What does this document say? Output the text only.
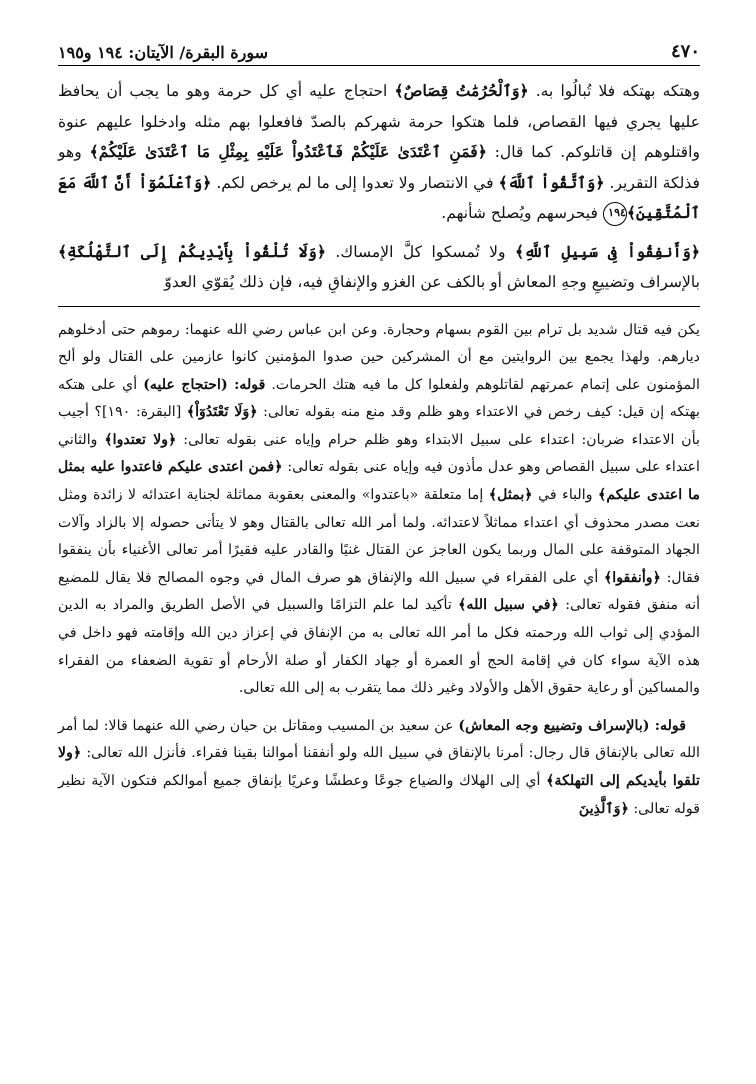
٤٧٠
سورة البقرة/ الآيتان: ١٩٤ و١٩٥

وهتكه بهتكه فلا تُبالُوا به. ﴿وَٱلْحُرُمَٰتُ قِصَاصٌ﴾ احتجاج عليه أي كل حرمة وهو ما يجب أن يحافظ عليها يجري فيها القصاص، فلما هتكوا حرمة شهركم بالصدّ فافعلوا بهم مثله وادخلوا عليهم عنوة واقتلوهم إن قاتلوكم. كما قال: ﴿فَمَنِ ٱعْتَدَىٰ عَلَيْكُمْ فَٱعْتَدُواْ عَلَيْهِ بِمِثْلِ مَا ٱعْتَدَىٰ عَلَيْكُمْ﴾ وهو فذلكة التقرير. ﴿وَٱتَّقُواْ ٱللَّهَ﴾ في الانتصار ولا تعدوا إلى ما لم يرخص لكم. ﴿وَٱعْلَمُوٓاْ أَنَّ ٱللَّهَ مَعَ ٱلْمُتَّقِينَ﴾١٩٤ فيحرسهم ويُصلح شأنهم.

﴿وَأَنفِقُواْ فِى سَبِيلِ ٱللَّهِ﴾ ولا تُمسكوا كلَّ الإمساك. ﴿وَلَا تُلْقُواْ بِأَيْدِيكُمْ إِلَى ٱلتَّهْلُكَةِ﴾ بالإسراف وتضييعِ وجهِ المعاش أو بالكف عن الغزو والإنفاقِ فيه، فإن ذلك يُقوّي العدوّ

يكن فيه قتال شديد بل ترام بين القوم بسهام وحجارة. وعن ابن عباس رضي الله عنهما: رموهم حتى أدخلوهم ديارهم. ولهذا يجمع بين الروايتين مع أن المشركين حين صدوا المؤمنين كانوا عازمين على القتال ولو ألح المؤمنون على إتمام عمرتهم لقاتلوهم ولفعلوا كل ما فيه هتك الحرمات. قوله: (احتجاج عليه) أي على هتكه بهتكه إن قيل: كيف رخص في الاعتداء وهو ظلم وقد منع منه بقوله تعالى: ﴿وَلَا تَعْتَدُوٓاْ﴾ [البقرة: ١٩٠]؟ أجيب بأن الاعتداء ضربان: اعتداء على سبيل الابتداء وهو ظلم حرام وإياه عنى بقوله تعالى: ﴿ولا تعتدوا﴾ والثاني اعتداء على سبيل القصاص وهو عدل مأذون فيه وإياه عنى بقوله تعالى: ﴿فمن اعتدى عليكم فاعتدوا عليه بمثل ما اعتدى عليكم﴾ والباء في ﴿بمثل﴾ إما متعلقة «باعتدوا» والمعنى بعقوبة مماثلة لجناية اعتدائه لا زائدة ومثل نعت مصدر محذوف أي اعتداء مماثلاً لاعتدائه. ولما أمر الله تعالى بالقتال وهو لا يتأتى حصوله إلا بالزاد وآلات الجهاد المتوقفة على المال وربما يكون العاجز عن القتال غنيًا والقادر عليه فقيرًا أمر تعالى الأغنياء بأن ينفقوا فقال: ﴿وأنفقوا﴾ أي على الفقراء في سبيل الله والإنفاق هو صرف المال في وجوه المصالح فلا يقال للمضيع أنه منفق فقوله تعالى: ﴿في سبيل الله﴾ تأكيد لما علم التزامًا والسبيل في الأصل الطريق والمراد به الدين المؤدي إلى ثواب الله ورحمته فكل ما أمر الله تعالى به من الإنفاق في إعزاز دين الله وإقامته فهو داخل في هذه الآية سواء كان في إقامة الحج أو العمرة أو جهاد الكفار أو صلة الأرحام أو تقوية الضعفاء من الفقراء والمساكين أو رعاية حقوق الأهل والأولاد وغير ذلك مما يتقرب به إلى الله تعالى.

قوله: (بالإسراف وتضييع وجه المعاش) عن سعيد بن المسيب ومقاتل بن حيان رضي الله عنهما قالا: لما أمر الله تعالى بالإنفاق قال رجال: أمرنا بالإنفاق في سبيل الله ولو أنفقنا أموالنا بقينا فقراء. فأنزل الله تعالى: ﴿ولا تلقوا بأيديكم إلى التهلكة﴾ أي إلى الهلاك والضياع جوعًا وعطشًا وعريًا بإنفاق جميع أموالكم فتكون الآية نظير قوله تعالى: ﴿وَٱلَّذِينَ
